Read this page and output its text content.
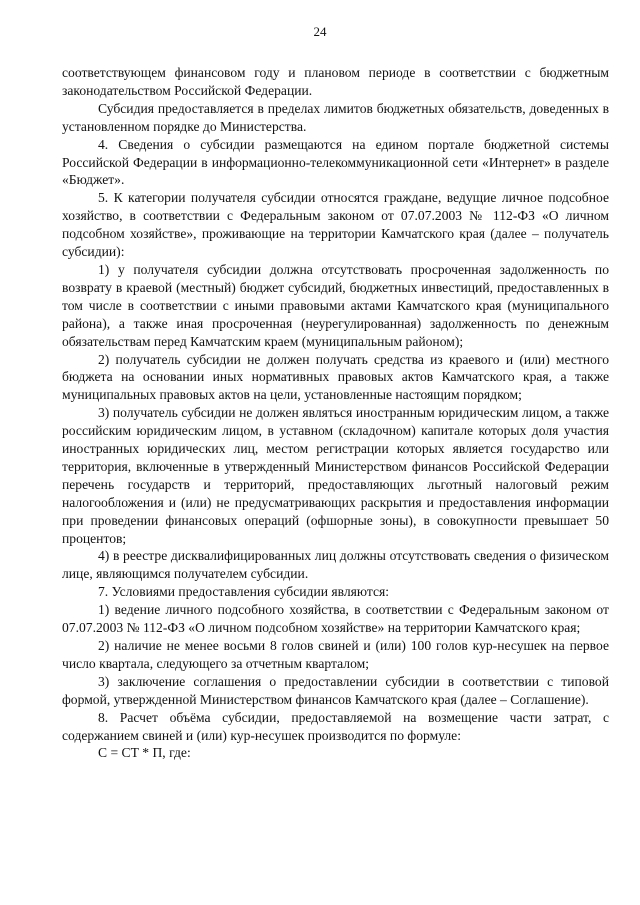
24

соответствующем финансовом году и плановом периоде в соответствии с бюджетным законодательством Российской Федерации.

Субсидия предоставляется в пределах лимитов бюджетных обязательств, доведенных в установленном порядке до Министерства.

4. Сведения о субсидии размещаются на едином портале бюджетной системы Российской Федерации в информационно-телекоммуникационной сети «Интернет» в разделе «Бюджет».

5. К категории получателя субсидии относятся граждане, ведущие личное подсобное хозяйство, в соответствии с Федеральным законом от 07.07.2003 № 112-ФЗ «О личном подсобном хозяйстве», проживающие на территории Камчатского края (далее – получатель субсидии):

1) у получателя субсидии должна отсутствовать просроченная задолженность по возврату в краевой (местный) бюджет субсидий, бюджетных инвестиций, предоставленных в том числе в соответствии с иными правовыми актами Камчатского края (муниципального района), а также иная просроченная (неурегулированная) задолженность по денежным обязательствам перед Камчатским краем (муниципальным районом);

2) получатель субсидии не должен получать средства из краевого и (или) местного бюджета на основании иных нормативных правовых актов Камчатского края, а также муниципальных правовых актов на цели, установленные настоящим порядком;

3) получатель субсидии не должен являться иностранным юридическим лицом, а также российским юридическим лицом, в уставном (складочном) капитале которых доля участия иностранных юридических лиц, местом регистрации которых является государство или территория, включенные в утвержденный Министерством финансов Российской Федерации перечень государств и территорий, предоставляющих льготный налоговый режим налогообложения и (или) не предусматривающих раскрытия и предоставления информации при проведении финансовых операций (офшорные зоны), в совокупности превышает 50 процентов;

4) в реестре дисквалифицированных лиц должны отсутствовать сведения о физическом лице, являющимся получателем субсидии.

7. Условиями предоставления субсидии являются:

1) ведение личного подсобного хозяйства, в соответствии с Федеральным законом от 07.07.2003 № 112-ФЗ «О личном подсобном хозяйстве» на территории Камчатского края;

2) наличие не менее восьми 8 голов свиней и (или) 100 голов кур-несушек на первое число квартала, следующего за отчетным кварталом;

3) заключение соглашения о предоставлении субсидии в соответствии с типовой формой, утвержденной Министерством финансов Камчатского края (далее – Соглашение).

8. Расчет объёма субсидии, предоставляемой на возмещение части затрат, с содержанием свиней и (или) кур-несушек производится по формуле:

С = СТ * П, где:
